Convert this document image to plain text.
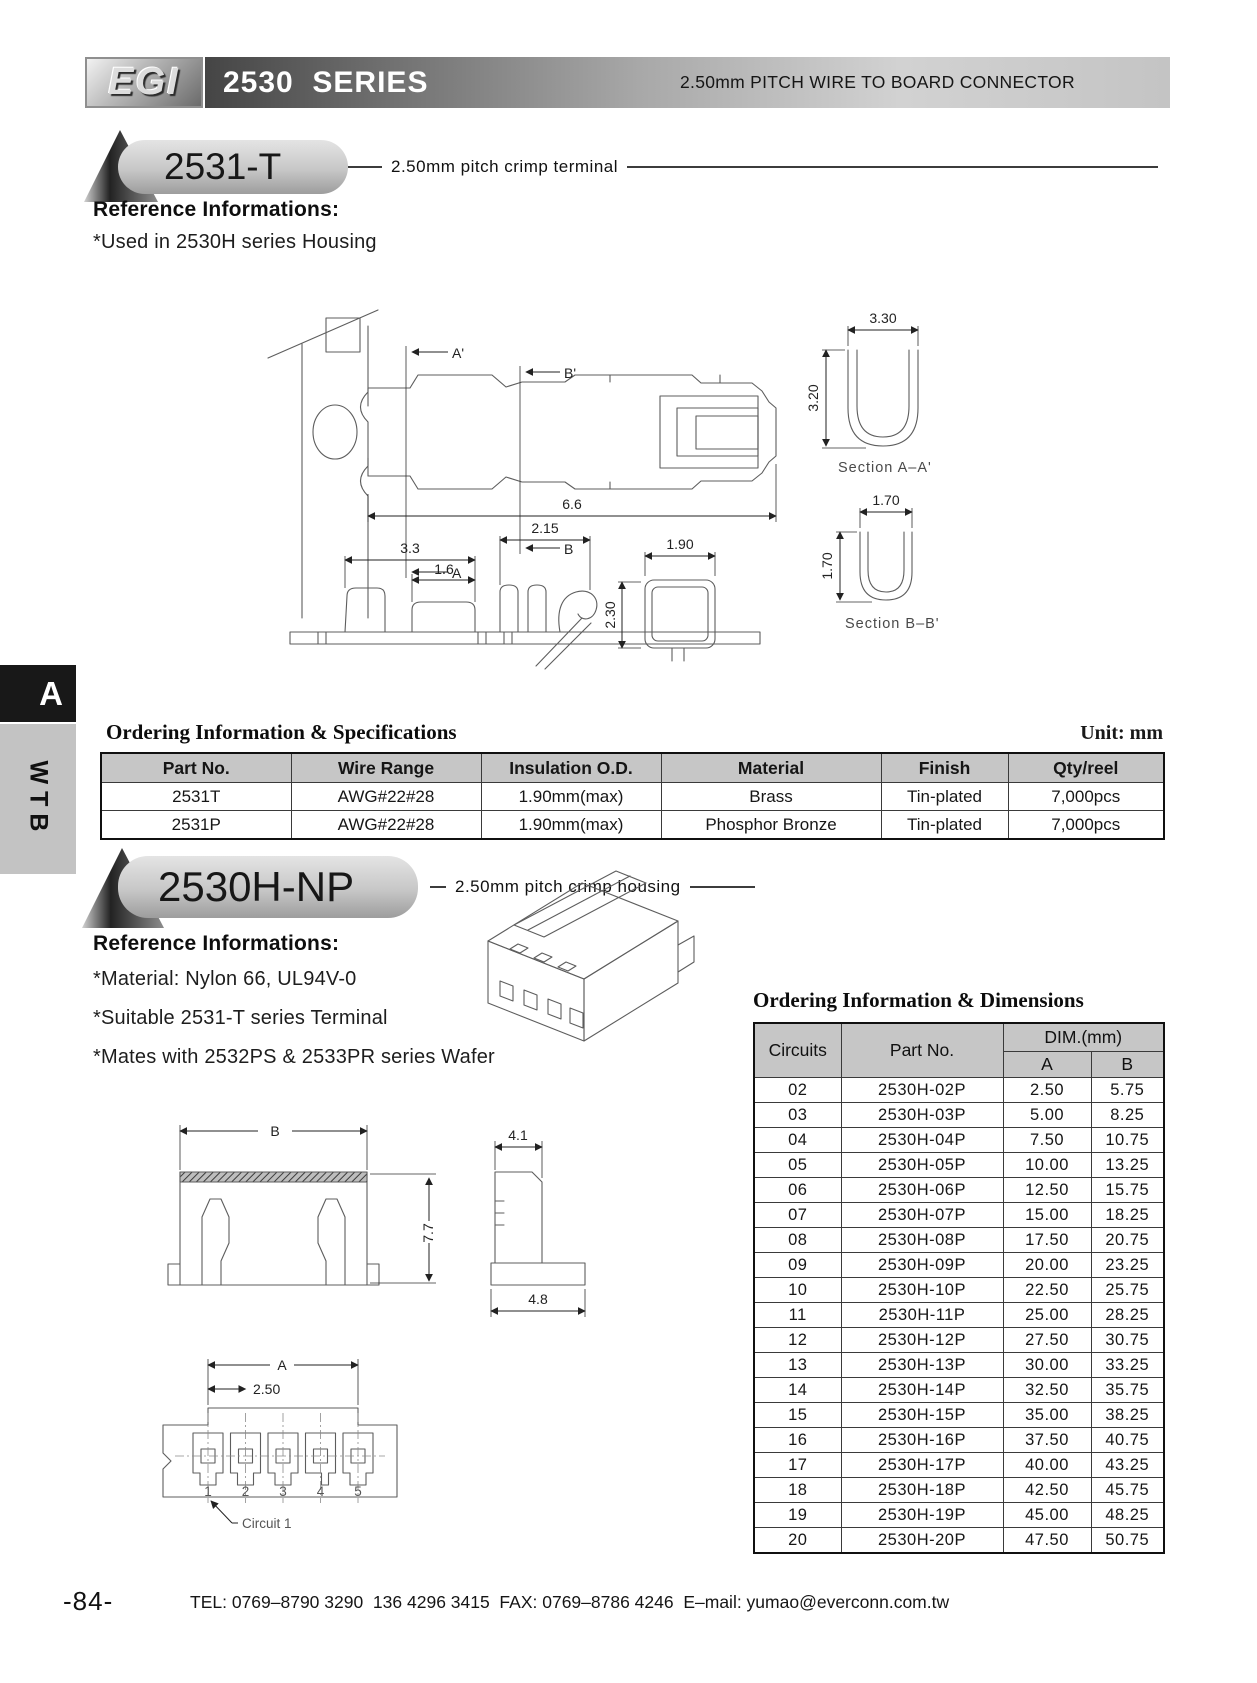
EGI 2530  SERIES	2.50mm PITCH WIRE TO BOARD CONNECTOR
2531-T	2.50mm pitch crimp terminal
Reference Informations:
*Used in 2530H series Housing
A'
B'
A
B
6.6
2.15
3.3
1.6
1.90
2.30
3.30
3.20
Section A–A'
1.70
1.70
Section B–B'
A
WTB
Ordering Information & Specifications	Unit: mm
Part No.	Wire Range	Insulation O.D.	Material	Finish	Qty/reel
2531T	AWG#22#28	1.90mm(max)	Brass	Tin-plated	7,000pcs
2531P	AWG#22#28	1.90mm(max)	Phosphor Bronze	Tin-plated	7,000pcs
2530H-NP	2.50mm pitch crimp housing
Reference Informations:
*Material: Nylon 66, UL94V-0
*Suitable 2531-T series Terminal
*Mates with 2532PS & 2533PR series Wafer
B
7.7
4.1
4.8
A
2.50
1 2 3 4 5
Circuit 1
Ordering Information & Dimensions
Circuits	Part No.	DIM.(mm)	
		A	B
02	2530H-02P	2.50	5.75
03	2530H-03P	5.00	8.25
04	2530H-04P	7.50	10.75
05	2530H-05P	10.00	13.25
06	2530H-06P	12.50	15.75
07	2530H-07P	15.00	18.25
08	2530H-08P	17.50	20.75
09	2530H-09P	20.00	23.25
10	2530H-10P	22.50	25.75
11	2530H-11P	25.00	28.25
12	2530H-12P	27.50	30.75
13	2530H-13P	30.00	33.25
14	2530H-14P	32.50	35.75
15	2530H-15P	35.00	38.25
16	2530H-16P	37.50	40.75
17	2530H-17P	40.00	43.25
18	2530H-18P	42.50	45.75
19	2530H-19P	45.00	48.25
20	2530H-20P	47.50	50.75
-84-	TEL: 0769–8790 3290  136 4296 3415  FAX: 0769–8786 4246  E–mail: yumao@everconn.com.tw
